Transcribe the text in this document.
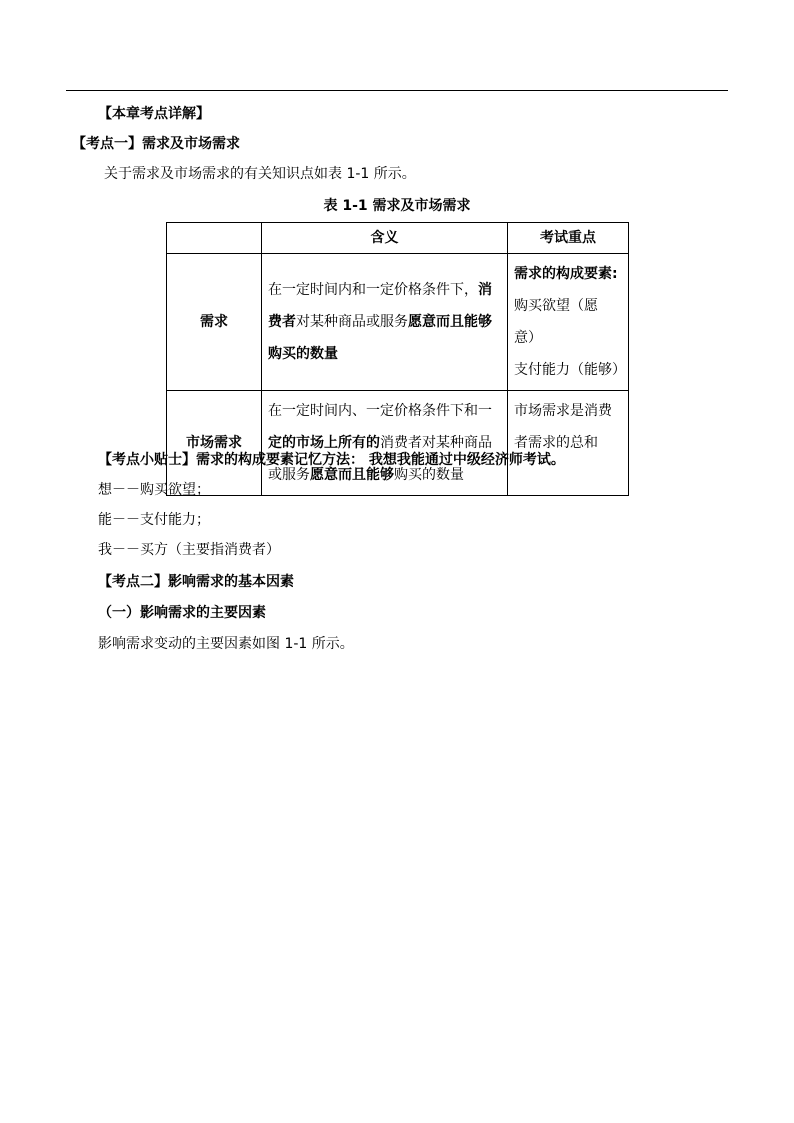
【本章考点详解】
【考点一】需求及市场需求
关于需求及市场需求的有关知识点如表 1-1 所示。
表 1-1 需求及市场需求
	含义	考试重点
需求	在一定时间内和一定价格条件下，消费者对某种商品或服务愿意而且能够购买的数量	需求的构成要素:
购买欲望（愿意）
支付能力（能够）
市场需求	在一定时间内、一定价格条件下和一定的市场上所有的消费者对某种商品或服务愿意而且能够购买的数量	市场需求是消费者需求的总和
【考点小贴士】需求的构成要素记忆方法： 我想我能通过中级经济师考试。
想－－购买欲望；
能－－支付能力；
我－－买方（主要指消费者）
【考点二】影响需求的基本因素
（一）影响需求的主要因素
影响需求变动的主要因素如图 1-1 所示。
